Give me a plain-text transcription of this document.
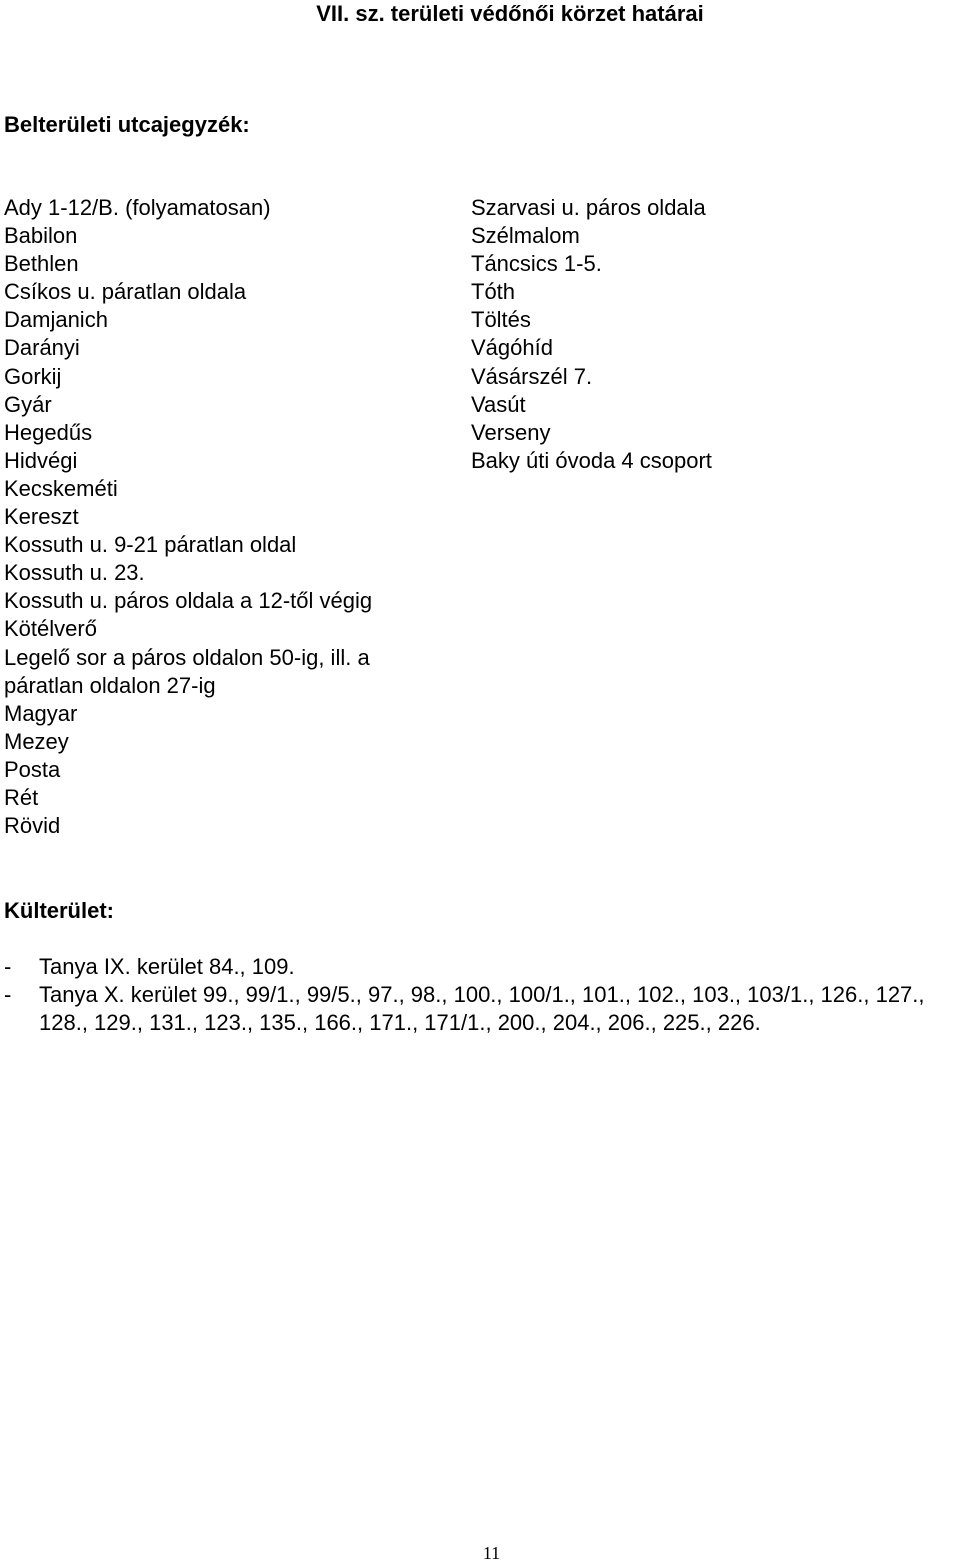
VII. sz. területi védőnői körzet határai
Belterületi utcajegyzék:
Ady 1-12/B. (folyamatosan)
Babilon
Bethlen
Csíkos u. páratlan oldala
Damjanich
Darányi
Gorkij
Gyár
Hegedűs
Hidvégi
Kecskeméti
Kereszt
Kossuth u. 9-21 páratlan oldal
Kossuth u. 23.
Kossuth u. páros oldala a 12-től végig
Kötélverő
Legelő sor a páros oldalon 50-ig, ill. a páratlan oldalon 27-ig
Magyar
Mezey
Posta
Rét
Rövid
Szarvasi u. páros oldala
Szélmalom
Táncsics 1-5.
Tóth
Töltés
Vágóhíd
Vásárszél 7.
Vasút
Verseny
Baky úti óvoda 4 csoport
Külterület:
- Tanya IX. kerület 84., 109.
- Tanya X. kerület 99., 99/1., 99/5., 97., 98., 100., 100/1., 101., 102., 103., 103/1., 126., 127., 128., 129., 131., 123., 135., 166., 171., 171/1., 200., 204., 206., 225., 226.
11
